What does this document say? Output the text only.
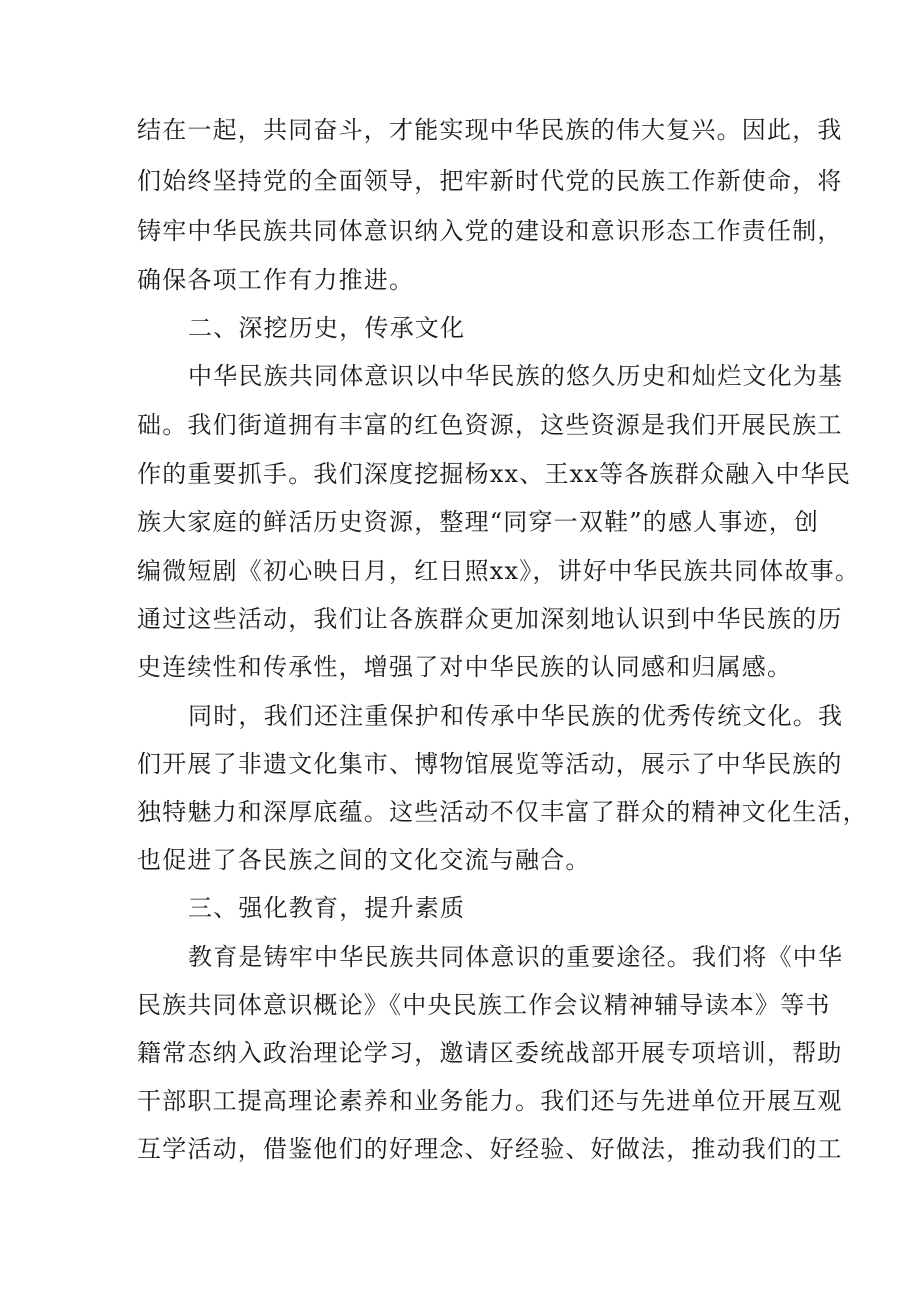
结在一起，共同奋斗，才能实现中华民族的伟大复兴。因此，我
们始终坚持党的全面领导，把牢新时代党的民族工作新使命，将
铸牢中华民族共同体意识纳入党的建设和意识形态工作责任制，
确保各项工作有力推进。
二、深挖历史，传承文化
中华民族共同体意识以中华民族的悠久历史和灿烂文化为基
础。我们街道拥有丰富的红色资源，这些资源是我们开展民族工
作的重要抓手。我们深度挖掘杨xx、王xx等各族群众融入中华民
族大家庭的鲜活历史资源，整理“同穿一双鞋”的感人事迹，创
编微短剧《初心映日月，红日照xx》，讲好中华民族共同体故事。
通过这些活动，我们让各族群众更加深刻地认识到中华民族的历
史连续性和传承性，增强了对中华民族的认同感和归属感。
同时，我们还注重保护和传承中华民族的优秀传统文化。我
们开展了非遗文化集市、博物馆展览等活动，展示了中华民族的
独特魅力和深厚底蕴。这些活动不仅丰富了群众的精神文化生活，
也促进了各民族之间的文化交流与融合。
三、强化教育，提升素质
教育是铸牢中华民族共同体意识的重要途径。我们将《中华
民族共同体意识概论》《中央民族工作会议精神辅导读本》等书
籍常态纳入政治理论学习，邀请区委统战部开展专项培训，帮助
干部职工提高理论素养和业务能力。我们还与先进单位开展互观
互学活动，借鉴他们的好理念、好经验、好做法，推动我们的工
